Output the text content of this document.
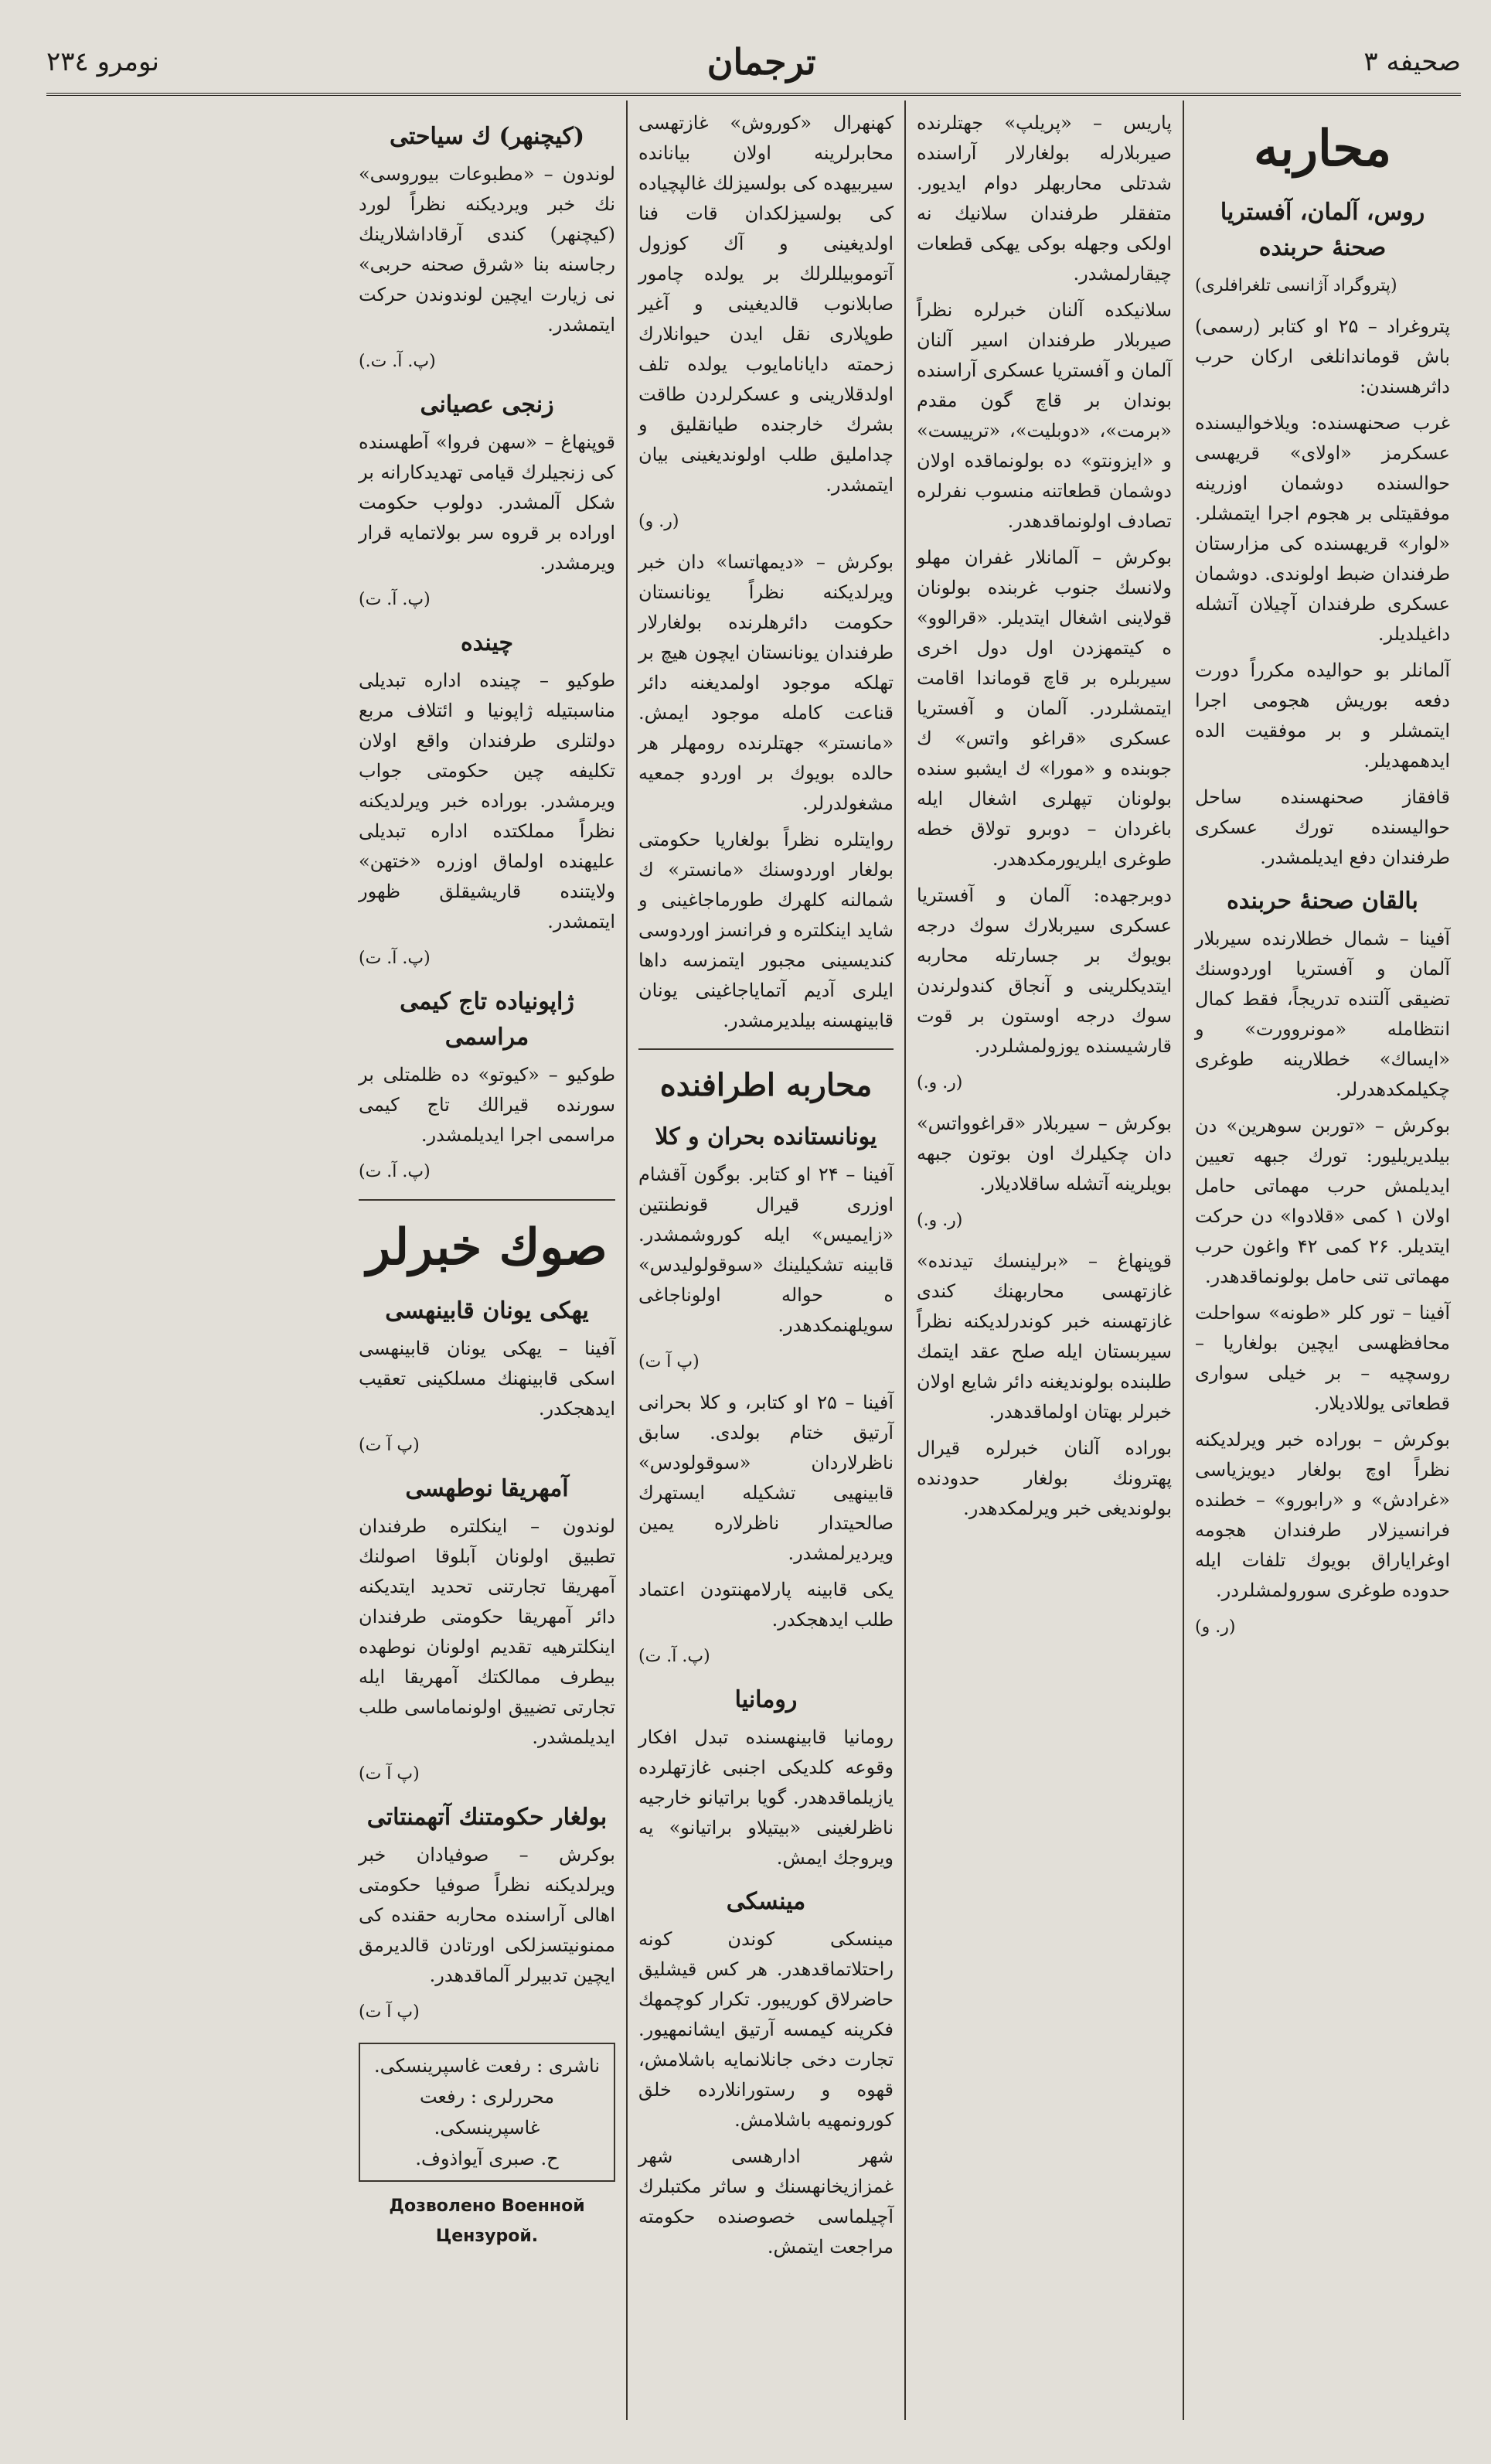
صحيفه ۳
ترجمان
نومرو ۲۳٤
محاربه
روس، آلمان، آفستريا صحنهٔ حربنده
(پتروگراد آژانسى تلغرافلرى)

پتروغراد – ۲۵ او كتابر (رسمى) باش قوماندانلغى اركان حرب داثرهسندن:

غرب صحنهسنده: ويلاخواليسنده عسكرمز «اولاى» قريهسى حوالسنده دوشمان اوزرينه موفقيتلى بر هجوم اجرا ايتمشلر. «لوار» قريهسنده كى مزارستان طرفندان ضبط اولوندى. دوشمان عسكرى طرفندان آچيلان آتشله داغيلديلر.

آلمانلر بو حواليده مكرراً دورت دفعه بوريش هجومى اجرا ايتمشلر و بر موفقيت الده ايدهمهديلر.

قافقاز صحنهسنده ساحل حواليسنده تورك عسكرى طرفندان دفع ايديلمشدر.

بالقان صحنهٔ حربنده

آفينا – شمال خطلارنده سيربلار آلمان و آفستريا اوردوسنك تضيقى آلتنده تدريجاً، فقط كمال انتظامله «مونروورت» و «ايساك» خطلارينه طوغرى چكيلمكدهدرلر.

بوكرش – «توربن سوهرين» دن بيلديريليور: تورك جبهه تعيين ايديلمش حرب مهماتى حامل اولان ۱ كمى «قلادوا» دن حركت ايتديلر. ۲۶ كمى ۴۲ واغون حرب مهماتى تنى حامل بولونماقدهدر.

آفينا – تور كلر «طونه» سواحلت محافظهسى ايچين بولغاريا – روسچيه – بر خيلى سوارى قطعاتى يوللاديلار.

بوكرش – بوراده خبر ويرلديكنه نظراً اوچ بولغار ديويزياسى «غرادش» و «رابورو» – خطنده فرانسيزلار طرفندان هجومه اوغراياراق بويوك تلفات ايله حدوده طوغرى سورولمشلردر.

(ر. و)

پاريس – «پريلپ» جهتلرنده صيربلارله بولغارلار آراسنده شدتلى محاربهلر دوام ايديور. متفقلر طرفندان سلانيك نه اولكى وجهله بوكى يهكى قطعات چيقارلمشدر.

سلانيكده آلنان خبرلره نظراً صيربلار طرفندان اسير آلنان آلمان و آفستريا عسكرى آراسنده بوندان بر قاچ گون مقدم «برمت»، «دوبليت»، «ترييست» و «ايزونتو» ده بولونماقده اولان دوشمان قطعاتنه منسوب نفرلره تصادف اولونماقدهدر.

بوكرش – آلمانلار غفران مهلو ولانسك جنوب غربنده بولونان قولاينى اشغال ايتديلر. «قرالوو» ه كيتمهزدن اول دول اخرى سيربلره بر قاچ قوماندا اقامت ايتمشلردر. آلمان و آفستريا عسكرى «قراغو واتس» ك جوبنده و «مورا» ك ايشبو سنده بولونان تپهلرى اشغال ايله باغردان – دوبرو تولاق خطه طوغرى ايلريورمكدهدر.

دوبرجهده: آلمان و آفستريا عسكرى سيربلارك سوك درجه بويوك بر جسارتله محاربه ايتديكلرينى و آنجاق كندولرندن سوك درجه اوستون بر قوت قارشيسنده يوزولمشلردر.

(ر. و.)

بوكرش – سيربلار «قراغوواتس» دان چكيلرك اون بوتون جبهه بويلرينه آتشله ساقلاديلار.

(ر. و.)

قوپنهاغ – «برلينسك تيدنده» غازتهسى محاربهنك كندى غازتهسنه خبر كوندرلديكنه نظراً سيربستان ايله صلح عقد ايتمك طلبنده بولونديغنه دائر شايع اولان خبرلر بهتان اولماقدهدر.

بوراده آلنان خبرلره قيرال پهترونك بولغار حدودنده بولونديغى خبر ويرلمكدهدر.

كهنهرال «كوروش» غازتهسى محابرلرينه اولان بيانانده سيربيهده كى بولسيزلك غالپچياده كى بولسيزلكدان قات فنا اولديغينى و آك كوزول آتوموبيللرلك بر يولده چامور صابلانوب قالديغينى و آغير طوپلارى نقل ايدن حيوانلارك زحمته دايانامايوب يولده تلف اولدقلارينى و عسكرلردن طاقت بشرك خارجنده طيانقليق و چدامليق طلب اولونديغينى بيان ايتمشدر.

(ر. و)

بوكرش – «ديمهاتسا» دان خبر ويرلديكنه نظراً يونانستان حكومت دائرهلرنده بولغارلار طرفندان يونانستان ايچون هيچ بر تهلكه موجود اولمديغنه دائر قناعت كامله موجود ايمش. «مانستر» جهتلرنده رومهلر هر حالده بويوك بر اوردو جمعيه مشغولدرلر.

روايتلره نظراً بولغاريا حكومتى بولغار اوردوسنك «مانستر» ك شمالنه كلهرك طورماجاغينى و شايد اينكلتره و فرانسز اوردوسى كنديسينى مجبور ايتمزسه داها ايلرى آديم آتماياجاغينى يونان قابينهسنه بيلديرمشدر.

محاربه اطرافنده
يونانستانده بحران و كلا

آفينا – ۲۴ او كتابر. بوگون آقشام اوزرى قيرال قونطنتين «زايميس» ايله كوروشمشدر. قابينه تشكيلينك «سوقولوليدس» ه حواله اولوناجاغى سويلهنمكدهدر.

(پ آ ت)

آفينا – ۲۵ او كتابر، و كلا بحرانى آرتيق ختام بولدى. سابق ناظرلاردان «سوقولودس» قابينهيى تشكيله ايستهرك صالحيتدار ناظرلاره يمين ويرديرلمشدر.

يكى قابينه پارلامهنتودن اعتماد طلب ايدهجكدر.

(پ. آ. ت)
رومانيا

رومانيا قابينهسنده تبدل افكار وقوعه كلديكى اجنبى غازتهلرده يازيلماقدهدر. گويا براتيانو خارجيه ناظرلغينى «بيتيلاو براتيانو» يه ويروجك ايمش.

مينسكى

مينسكى كوندن كونه راحتلاتماقدهدر. هر كس قيشليق حاضرلاق كوريبور. تكرار كوچمهك فكرينه كيمسه آرتيق ايشانمهيور. تجارت دخى جانلانمايه باشلامش، قهوه و رستورانلارده خلق كورونمهيه باشلامش.

شهر ادارهسى شهر غمزازيخانهسنك و ساثر مكتبلرك آچيلماسى خصوصنده حكومته مراجعت ايتمش.

(كيچنهر) ك سياحتى

لوندون – «مطبوعات بيوروسى» نك خبر ويرديكنه نظراً لورد (كيچنهر) كندى آرقاداشلارينك رجاسنه بنا «شرق صحنه حربى» نى زيارت ايچين لوندوندن حركت ايتمشدر.

(پ. آ. ت.)
زنجى عصيانى

قوپنهاغ – «سهن فروا» آطهسنده كى زنجيلرك قيامى تهديدكارانه بر شكل آلمشدر. دولوب حكومت اوراده بر قروه سر بولاتمايه قرار ويرمشدر.

(پ. آ. ت)
چينده

طوكيو – چينده اداره تبديلى مناسبتيله ژاپونيا و ائتلاف مربع دولتلرى طرفندان واقع اولان تكليفه چين حكومتى جواب ويرمشدر. بوراده خبر ويرلديكنه نظراً مملكتده اداره تبديلى عليهنده اولماق اوزره «ختهن» ولايتنده قاريشيقلق ظهور ايتمشدر.

(پ. آ. ت)
ژاپونياده تاج كيمى مراسمى

طوكيو – «كيوتو» ده ظلمتلى بر سورنده قيرالك تاج كيمى مراسمى اجرا ايديلمشدر.

(پ. آ. ت)
صوك خبرلر
يهكى يونان قابينهسى

آفينا – يهكى يونان قابينهسى اسكى قابينهنك مسلكينى تعقيب ايدهجكدر.

(پ آ ت)
آمهريقا نوطهسى

لوندون – اينكلتره طرفندان تطبيق اولونان آبلوقا اصولنك آمهريقا تجارتنى تحديد ايتديكنه دائر آمهريقا حكومتى طرفندان اينكلترهيه تقديم اولونان نوطهده بيطرف ممالكتك آمهريقا ايله تجارتى تضييق اولونماماسى طلب ايديلمشدر.

(پ آ ت)
بولغار حكومتنك آتهمنتاتى

بوكرش – صوفيادان خبر ويرلديكنه نظراً صوفيا حكومتى اهالى آراسنده محاربه حقنده كى ممنونيتسزلكى اورتادن قالديرمق ايچين تدبيرلر آلماقدهدر.

(پ آ ت)
ناشرى : رفعت غاسپرينسكى.
محررلرى : رفعت غاسپرينسكى.
ح. صبرى آيواذوف.
Дозволено Военной Цензурой.
